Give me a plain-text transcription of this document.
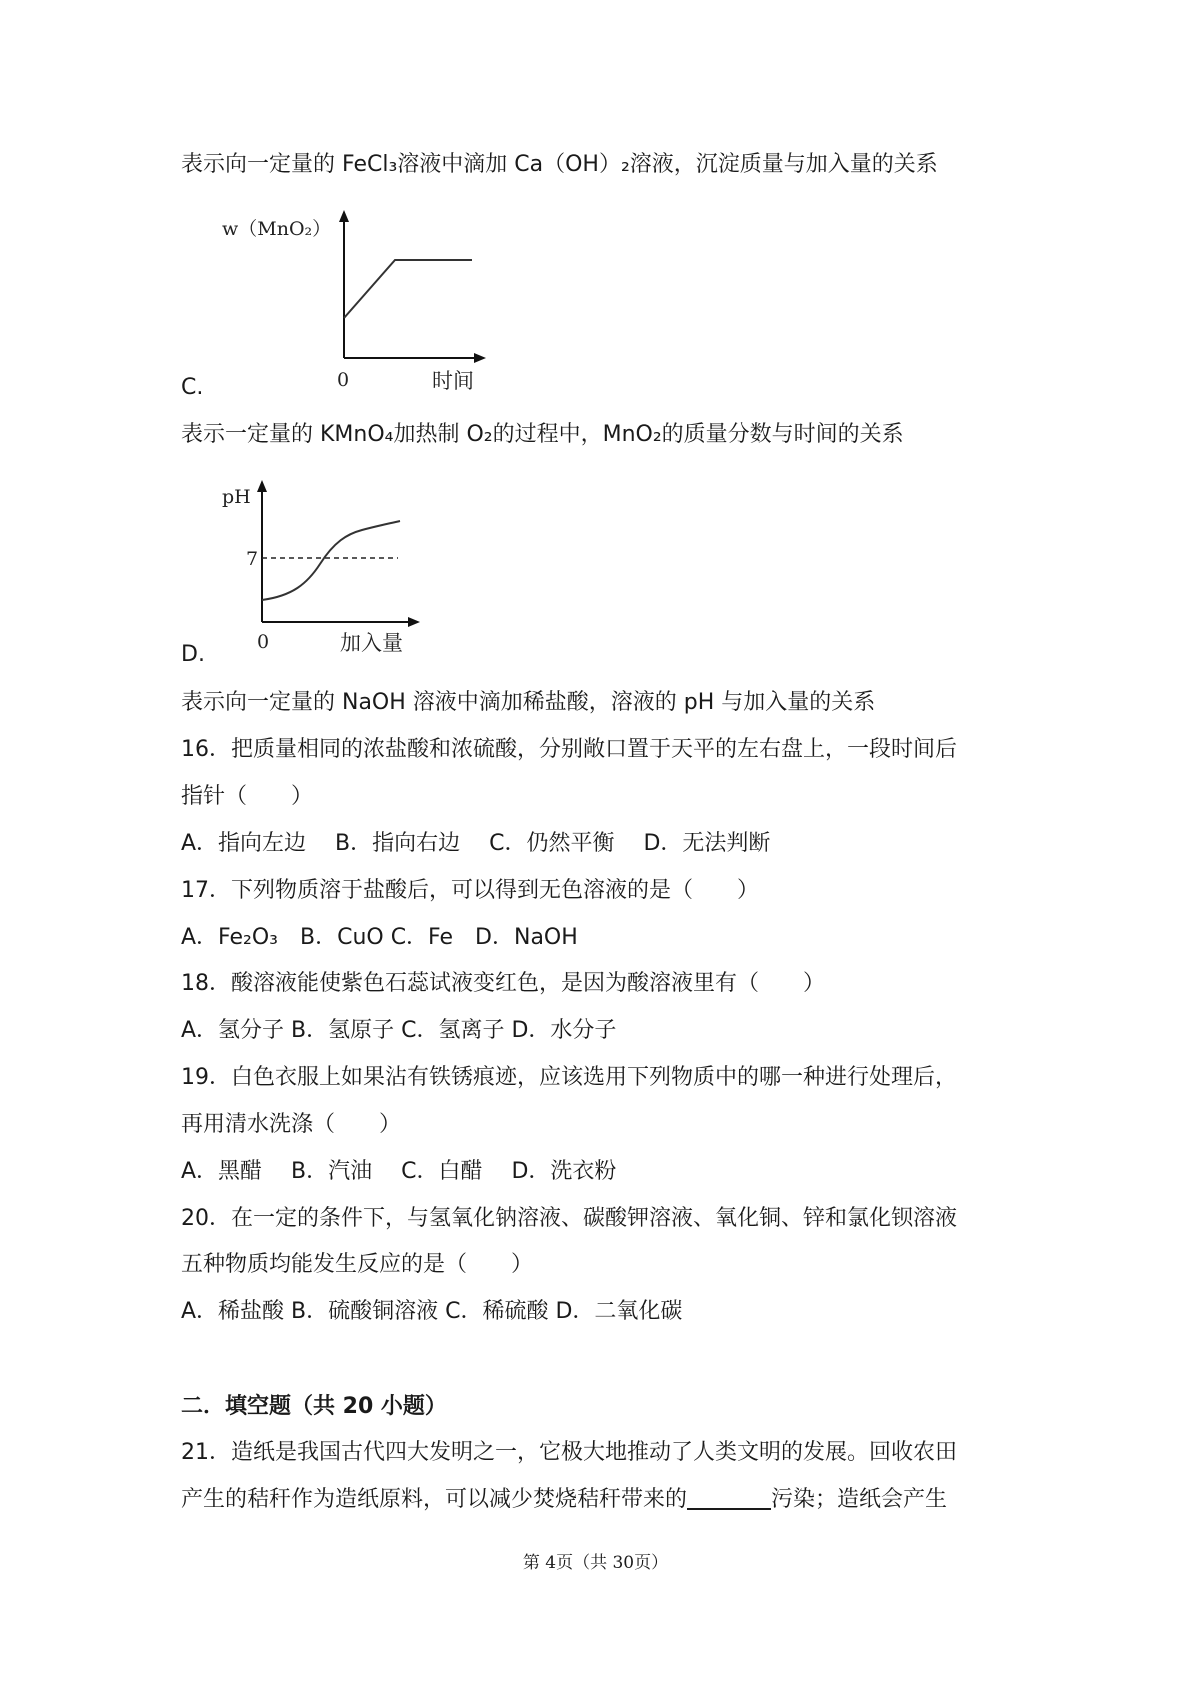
表示向一定量的 FeCl₃溶液中滴加 Ca（OH）₂溶液，沉淀质量与加入量的关系
w（MnO₂）
0	时间
C.
表示一定量的 KMnO₄加热制 O₂的过程中，MnO₂的质量分数与时间的关系
pH
7
0	加入量
D.
表示向一定量的 NaOH 溶液中滴加稀盐酸，溶液的 pH 与加入量的关系
16．把质量相同的浓盐酸和浓硫酸，分别敞口置于天平的左右盘上，一段时间后
指针（　　）
A．指向左边　 B．指向右边　 C．仍然平衡　 D．无法判断
17．下列物质溶于盐酸后，可以得到无色溶液的是（　　）
A．Fe₂O₃　B．CuO C．Fe　D．NaOH
18．酸溶液能使紫色石蕊试液变红色，是因为酸溶液里有（　　）
A．氢分子 B．氢原子 C．氢离子 D．水分子
19．白色衣服上如果沾有铁锈痕迹，应该选用下列物质中的哪一种进行处理后，
再用清水洗涤（　　）
A．黑醋　 B．汽油　 C．白醋　 D．洗衣粉
20．在一定的条件下，与氢氧化钠溶液、碳酸钾溶液、氧化铜、锌和氯化钡溶液
五种物质均能发生反应的是（　　）
A．稀盐酸 B．硫酸铜溶液 C．稀硫酸 D．二氧化碳
二．填空题（共 20 小题）
21．造纸是我国古代四大发明之一，它极大地推动了人类文明的发展。回收农田
产生的秸秆作为造纸原料，可以减少焚烧秸秆带来的	污染；造纸会产生
第 4页（共 30页）
